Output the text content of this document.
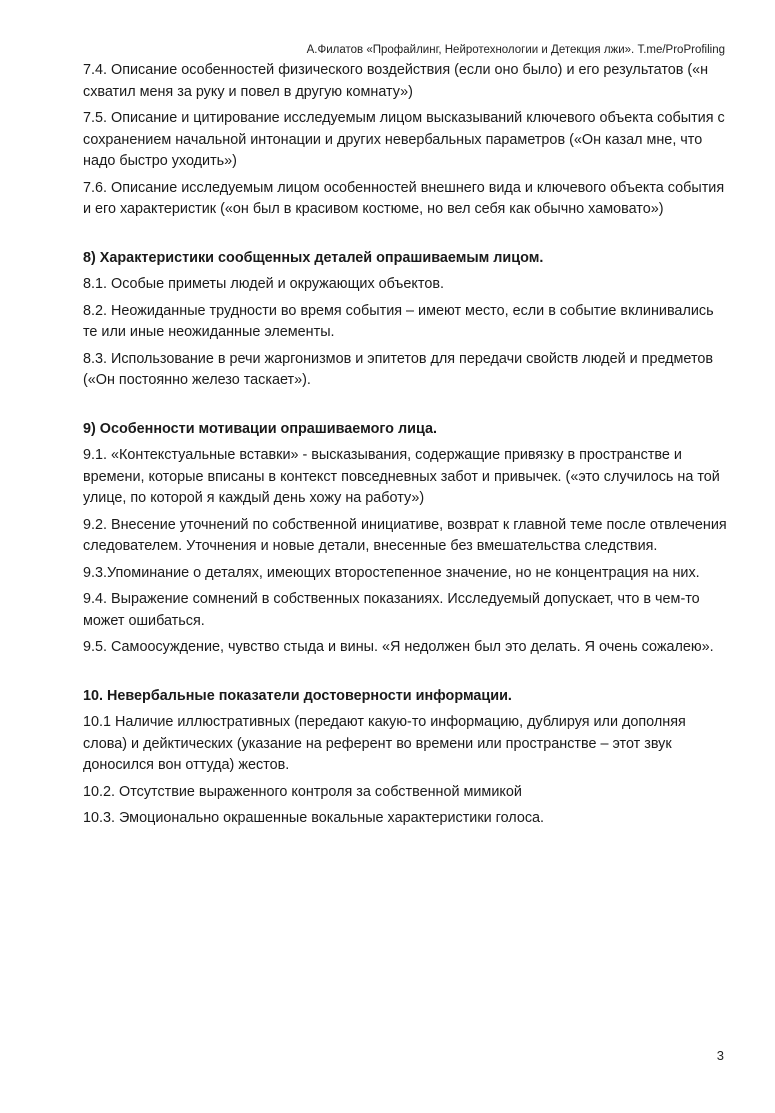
А.Филатов «Профайлинг, Нейротехнологии и Детекция лжи». T.me/ProProfiling

7.4. Описание особенностей физического воздействия (если оно было) и его результатов («н схватил меня за руку и повел в другую комнату»)

7.5. Описание и цитирование исследуемым лицом высказываний ключевого объекта события с сохранением начальной интонации и других невербальных параметров («Он казал мне, что надо быстро уходить»)

7.6. Описание исследуемым лицом особенностей внешнего вида и ключевого объекта события и его характеристик («он был в красивом костюме, но вел себя как обычно хамовато»)

8) Характеристики сообщенных деталей опрашиваемым лицом.

8.1. Особые приметы людей и окружающих объектов.

8.2. Неожиданные трудности во время события – имеют место, если в событие вклинивались те или иные неожиданные элементы.

8.3. Использование в речи жаргонизмов и эпитетов для передачи свойств людей и предметов («Он постоянно железо таскает»).

9) Особенности мотивации опрашиваемого лица.

9.1. «Контекстуальные вставки» - высказывания, содержащие привязку в пространстве и времени, которые вписаны в контекст повседневных забот и привычек. («это случилось на той улице, по которой я каждый день хожу на работу»)

9.2. Внесение уточнений по собственной инициативе, возврат к главной теме после отвлечения следователем. Уточнения и новые детали, внесенные без вмешательства следствия.

9.3.Упоминание о деталях, имеющих второстепенное значение, но не концентрация на них.

9.4. Выражение сомнений в собственных показаниях. Исследуемый допускает, что в чем-то может ошибаться.

9.5. Самоосуждение, чувство стыда и вины. «Я недолжен был это делать. Я очень сожалею».

10. Невербальные показатели достоверности информации.

10.1 Наличие иллюстративных (передают какую-то информацию, дублируя или дополняя слова) и дейктических (указание на референт во времени или пространстве – этот звук доносился вон оттуда) жестов.

10.2. Отсутствие выраженного контроля за собственной мимикой

10.3. Эмоционально окрашенные вокальные характеристики голоса.

3
